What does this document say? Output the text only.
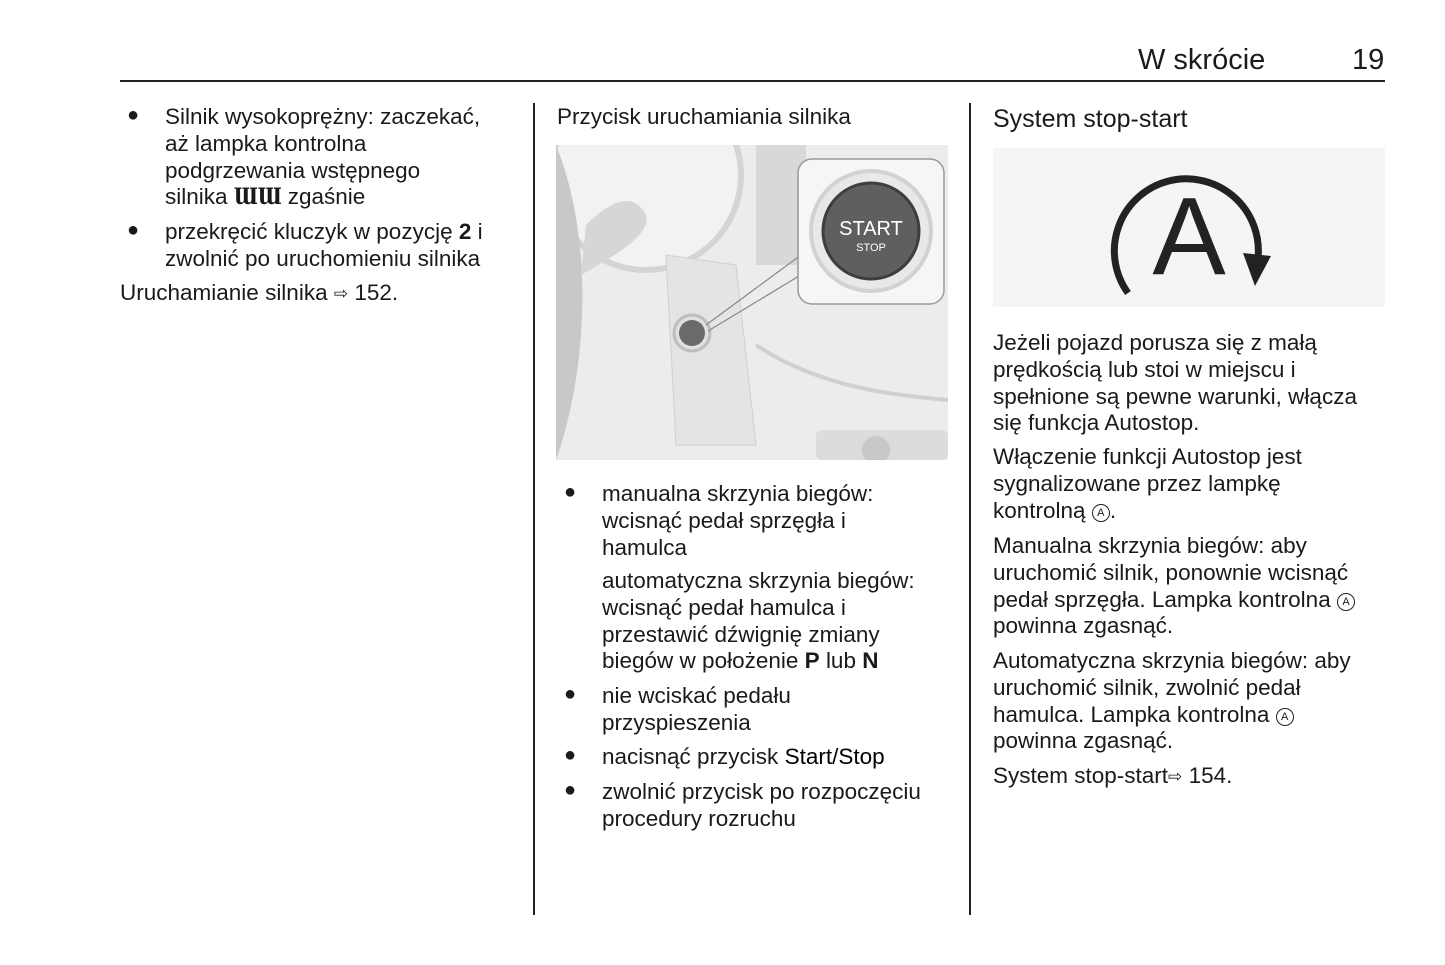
W skrócie	19
● Silnik wysokoprężny: zaczekać,
aż lampka kontrolna
podgrzewania wstępnego
silnika ƜƜ zgaśnie
● przekręcić kluczyk w pozycję 2 i
zwolnić po uruchomieniu silnika
Uruchamianie silnika ⇨ 152.
Przycisk uruchamiania silnika
START
STOP
● manualna skrzynia biegów:
wcisnąć pedał sprzęgła i
hamulca
automatyczna skrzynia biegów:
wcisnąć pedał hamulca i
przestawić dźwignię zmiany
biegów w położenie P lub N
● nie wciskać pedału
przyspieszenia
● nacisnąć przycisk Start/Stop
● zwolnić przycisk po rozpoczęciu
procedury rozruchu
System stop-start
A
Jeżeli pojazd porusza się z małą
prędkością lub stoi w miejscu i
spełnione są pewne warunki, włącza
się funkcja Autostop.
Włączenie funkcji Autostop jest
sygnalizowane przez lampkę
kontrolną A .
Manualna skrzynia biegów: aby
uruchomić silnik, ponownie wcisnąć
pedał sprzęgła. Lampka kontrolna A
powinna zgasnąć.
Automatyczna skrzynia biegów: aby
uruchomić silnik, zwolnić pedał
hamulca. Lampka kontrolna A
powinna zgasnąć.
System stop-start⇨ 154.
